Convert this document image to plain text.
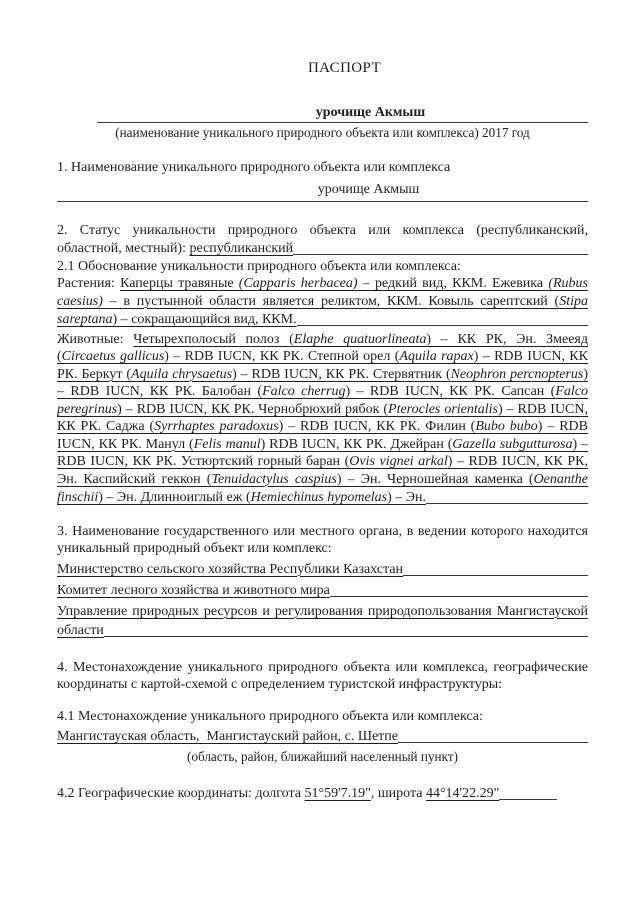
ПАСПОРТ

урочище Акмыш

(наименование уникального природного объекта или комплекса) 2017 год

1. Наименование уникального природного объекта или комплекса

урочище Акмыш

2. Статус уникальности природного объекта или комплекса (республиканский, областной, местный): республиканский

2.1 Обоснование уникальности природного объекта или комплекса:

Растения: Каперцы травяные (Capparis herbacea) – редкий вид, ККМ. Ежевика (Rubus caesius) – в пустынной области является реликтом, ККМ. Ковыль сарептский (Stipa sareptana) – сокращающийся вид, ККМ.

Животные: Четырехполосый полоз (Elaphe quatuorlineata) – КК РК, Эн. Змееяд (Circaetus gallicus) – RDB IUCN, КК РК. Степной орел (Aquila rapax) – RDB IUCN, КК РК. Беркут (Aquila chrysaetus) – RDB IUCN, КК РК. Стервятник (Neophron percnopterus) – RDB IUCN, КК РК. Балобан (Falco cherrug) – RDB IUCN, КК РК. Сапсан (Falco peregrinus) – RDB IUCN, КК РК. Чернобрюхий рябок (Pterocles orientalis) – RDB IUCN, КК РК. Саджа (Syrrhaptes paradoxus) – RDB IUCN, КК РК. Филин (Bubo bubo) – RDB IUCN, КК РК. Манул (Felis manul) RDB IUCN, КК РК. Джейран (Gazella subgutturosa) – RDB IUCN, КК РК. Устюртский горный баран (Ovis vignei arkal) – RDB IUCN, КК РК, Эн. Каспийский геккон (Tenuidactylus caspius) – Эн. Черношейная каменка (Oenanthe finschii) – Эн. Длинноиглый еж (Hemiechinus hypomelas) – Эн.

3. Наименование государственного или местного органа, в ведении которого находится уникальный природный объект или комплекс:

Министерство сельского хозяйства Республики Казахстан

Комитет лесного хозяйства и животного мира

Управление природных ресурсов и регулирования природопользования Мангистауской области

4. Местонахождение уникального природного объекта или комплекса, географические координаты с картой-схемой с определением туристской инфраструктуры:

4.1 Местонахождение уникального природного объекта или комплекса:

Мангистауская область,  Мангистауский район, с. Шетпе

(область, район, ближайший населенный пункт)

4.2 Географические координаты: долгота 51°59'7.19", широта 44°14'22.29"
